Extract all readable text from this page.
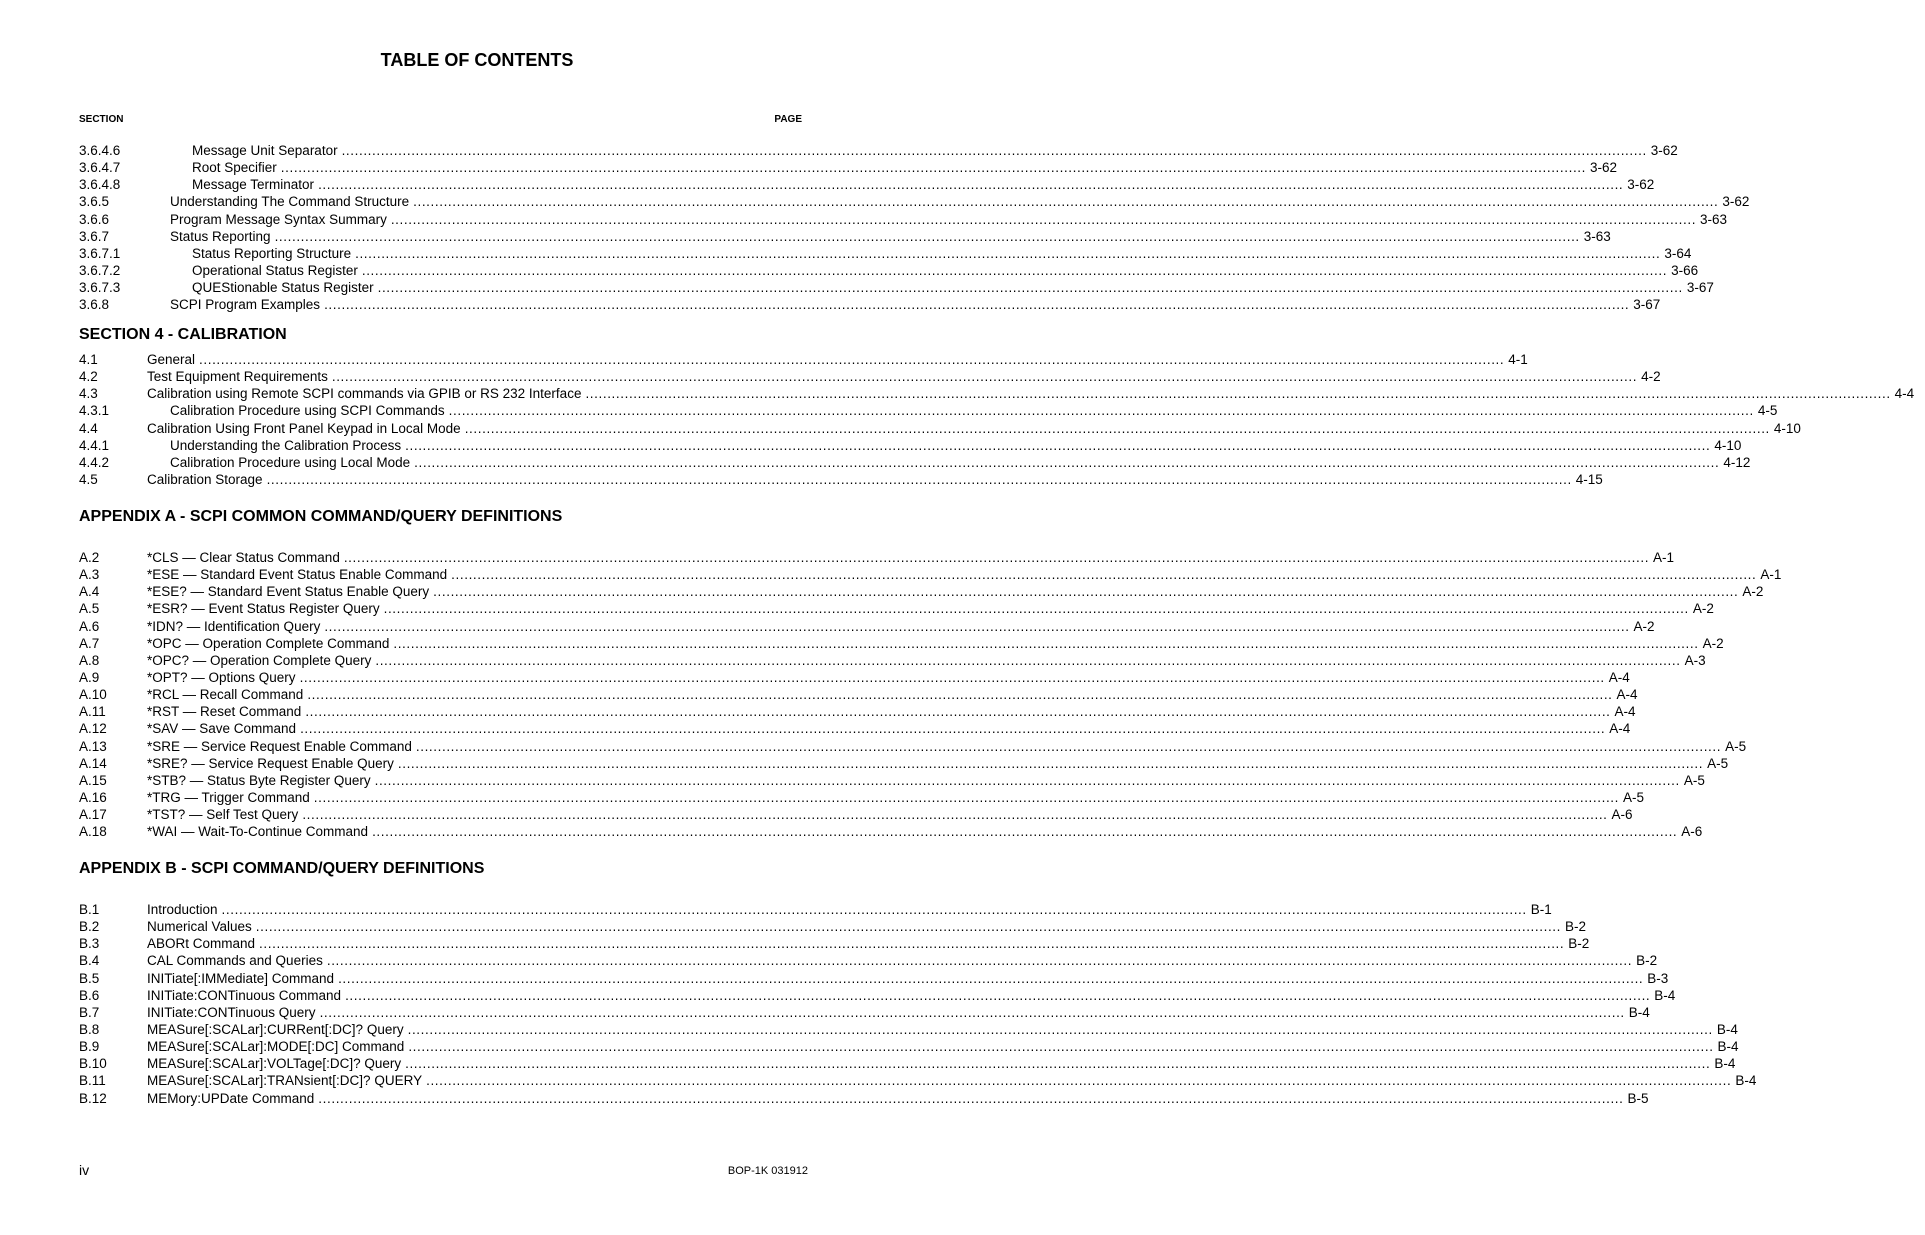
TABLE OF CONTENTS
SECTION	PAGE
3.6.4.6	Message Unit Separator ............................................................................................................................................................................................................................................................................................................ 3-62
3.6.4.7	Root Specifier ............................................................................................................................................................................................................................................................................................................ 3-62
3.6.4.8	Message Terminator ............................................................................................................................................................................................................................................................................................................ 3-62
3.6.5	Understanding The Command Structure ............................................................................................................................................................................................................................................................................................................ 3-62
3.6.6	Program Message Syntax Summary ............................................................................................................................................................................................................................................................................................................ 3-63
3.6.7	Status Reporting ............................................................................................................................................................................................................................................................................................................ 3-63
3.6.7.1	Status Reporting Structure ............................................................................................................................................................................................................................................................................................................ 3-64
3.6.7.2	Operational Status Register ............................................................................................................................................................................................................................................................................................................ 3-66
3.6.7.3	QUEStionable Status Register ............................................................................................................................................................................................................................................................................................................ 3-67
3.6.8	SCPI Program Examples ............................................................................................................................................................................................................................................................................................................ 3-67
SECTION 4 - CALIBRATION
4.1	General ............................................................................................................................................................................................................................................................................................................ 4-1
4.2	Test Equipment Requirements ............................................................................................................................................................................................................................................................................................................ 4-2
4.3	Calibration using Remote SCPI commands via GPIB or RS 232 Interface ............................................................................................................................................................................................................................................................................................................ 4-4
4.3.1	Calibration Procedure using SCPI Commands ............................................................................................................................................................................................................................................................................................................ 4-5
4.4	Calibration Using Front Panel Keypad in Local Mode ............................................................................................................................................................................................................................................................................................................ 4-10
4.4.1	Understanding the Calibration Process ............................................................................................................................................................................................................................................................................................................ 4-10
4.4.2	Calibration Procedure using Local Mode ............................................................................................................................................................................................................................................................................................................ 4-12
4.5	Calibration Storage ............................................................................................................................................................................................................................................................................................................ 4-15
APPENDIX A - SCPI COMMON COMMAND/QUERY DEFINITIONS
A.2	*CLS — Clear Status Command ............................................................................................................................................................................................................................................................................................................ A-1
A.3	*ESE — Standard Event Status Enable Command ............................................................................................................................................................................................................................................................................................................ A-1
A.4	*ESE? — Standard Event Status Enable Query ............................................................................................................................................................................................................................................................................................................ A-2
A.5	*ESR? — Event Status Register Query ............................................................................................................................................................................................................................................................................................................ A-2
A.6	*IDN? — Identification Query ............................................................................................................................................................................................................................................................................................................ A-2
A.7	*OPC — Operation Complete Command ............................................................................................................................................................................................................................................................................................................ A-2
A.8	*OPC? — Operation Complete Query ............................................................................................................................................................................................................................................................................................................ A-3
A.9	*OPT? — Options Query ............................................................................................................................................................................................................................................................................................................ A-4
A.10	*RCL — Recall Command ............................................................................................................................................................................................................................................................................................................ A-4
A.11	*RST — Reset Command ............................................................................................................................................................................................................................................................................................................ A-4
A.12	*SAV — Save Command ............................................................................................................................................................................................................................................................................................................ A-4
A.13	*SRE — Service Request Enable Command ............................................................................................................................................................................................................................................................................................................ A-5
A.14	*SRE? — Service Request Enable Query ............................................................................................................................................................................................................................................................................................................ A-5
A.15	*STB? — Status Byte Register Query ............................................................................................................................................................................................................................................................................................................ A-5
A.16	*TRG — Trigger Command ............................................................................................................................................................................................................................................................................................................ A-5
A.17	*TST? — Self Test Query ............................................................................................................................................................................................................................................................................................................ A-6
A.18	*WAI — Wait-To-Continue Command ............................................................................................................................................................................................................................................................................................................ A-6
APPENDIX B - SCPI COMMAND/QUERY DEFINITIONS
B.1	Introduction ............................................................................................................................................................................................................................................................................................................ B-1
B.2	Numerical Values ............................................................................................................................................................................................................................................................................................................ B-2
B.3	ABORt Command ............................................................................................................................................................................................................................................................................................................ B-2
B.4	CAL Commands and Queries ............................................................................................................................................................................................................................................................................................................ B-2
B.5	INITiate[:IMMediate] Command ............................................................................................................................................................................................................................................................................................................ B-3
B.6	INITiate:CONTinuous Command ............................................................................................................................................................................................................................................................................................................ B-4
B.7	INITiate:CONTinuous Query ............................................................................................................................................................................................................................................................................................................ B-4
B.8	MEASure[:SCALar]:CURRent[:DC]? Query ............................................................................................................................................................................................................................................................................................................ B-4
B.9	MEASure[:SCALar]:MODE[:DC] Command ............................................................................................................................................................................................................................................................................................................ B-4
B.10	MEASure[:SCALar]:VOLTage[:DC]? Query ............................................................................................................................................................................................................................................................................................................ B-4
B.11	MEASure[:SCALar]:TRANsient[:DC]? QUERY ............................................................................................................................................................................................................................................................................................................ B-4
B.12	MEMory:UPDate Command ............................................................................................................................................................................................................................................................................................................ B-5
iv	BOP-1K 031912
